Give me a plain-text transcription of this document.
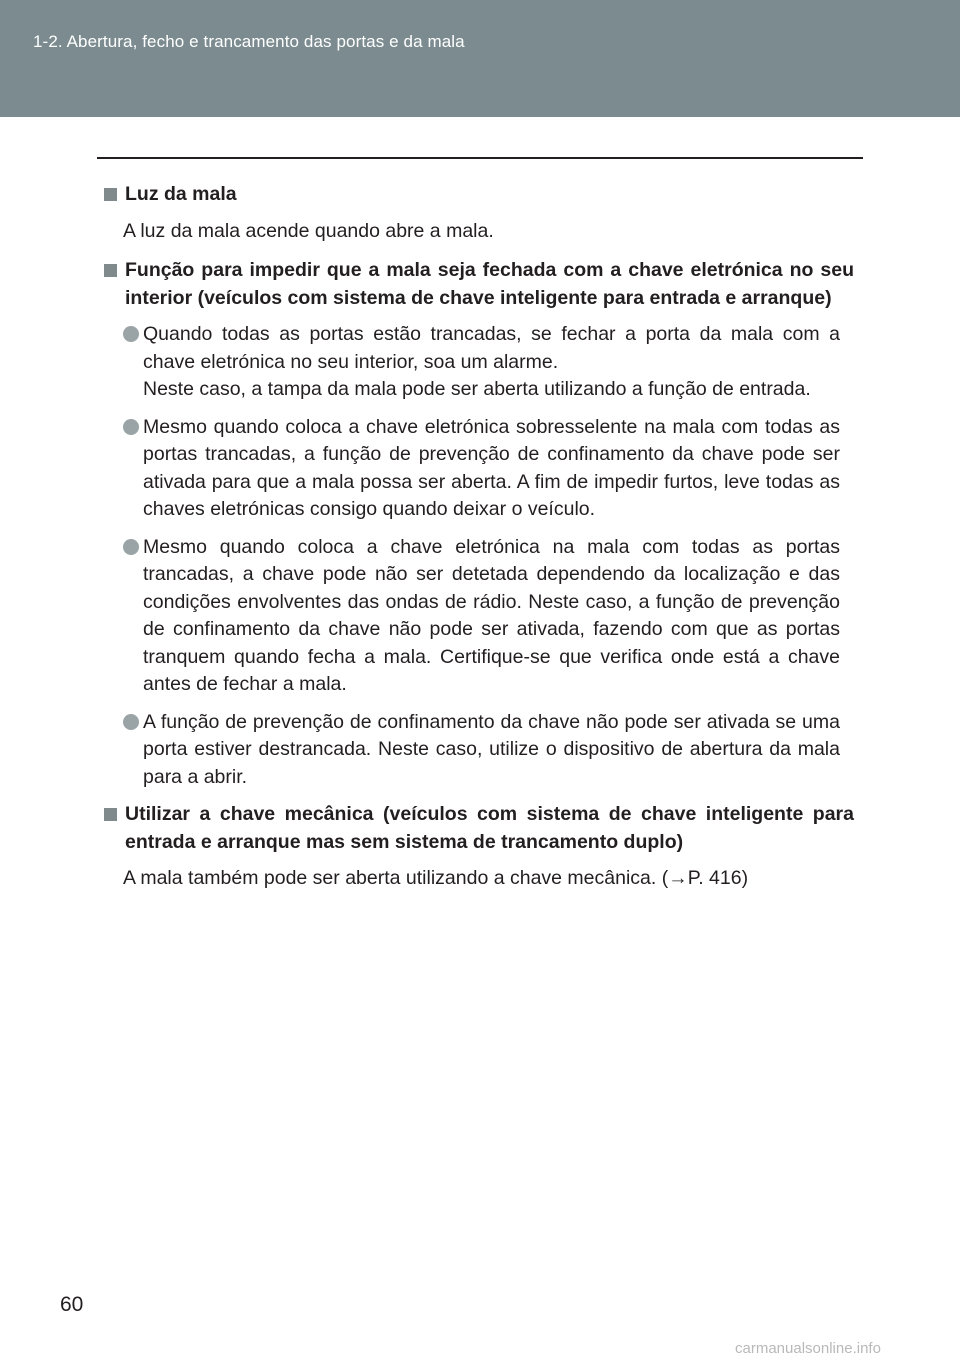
1-2. Abertura, fecho e trancamento das portas e da mala
Luz da mala

A luz da mala acende quando abre a mala.

Função para impedir que a mala seja fechada com a chave eletrónica no seu interior (veículos com sistema de chave inteligente para entrada e arranque)

Quando todas as portas estão trancadas, se fechar a porta da mala com a chave eletrónica no seu interior, soa um alarme.

Neste caso, a tampa da mala pode ser aberta utilizando a função de entrada.

Mesmo quando coloca a chave eletrónica sobresselente na mala com todas as portas trancadas, a função de prevenção de confinamento da chave pode ser ativada para que a mala possa ser aberta. A fim de impedir furtos, leve todas as chaves eletrónicas consigo quando deixar o veículo.

Mesmo quando coloca a chave eletrónica na mala com todas as portas trancadas, a chave pode não ser detetada dependendo da localização e das condições envolventes das ondas de rádio. Neste caso, a função de prevenção de confinamento da chave não pode ser ativada, fazendo com que as portas tranquem quando fecha a mala. Certifique-se que verifica onde está a chave antes de fechar a mala.

A função de prevenção de confinamento da chave não pode ser ativada se uma porta estiver destrancada. Neste caso, utilize o dispositivo de abertura da mala para a abrir.

Utilizar a chave mecânica (veículos com sistema de chave inteligente para entrada e arranque mas sem sistema de trancamento duplo)

A mala também pode ser aberta utilizando a chave mecânica. (→P. 416)

60
carmanualsonline.info
